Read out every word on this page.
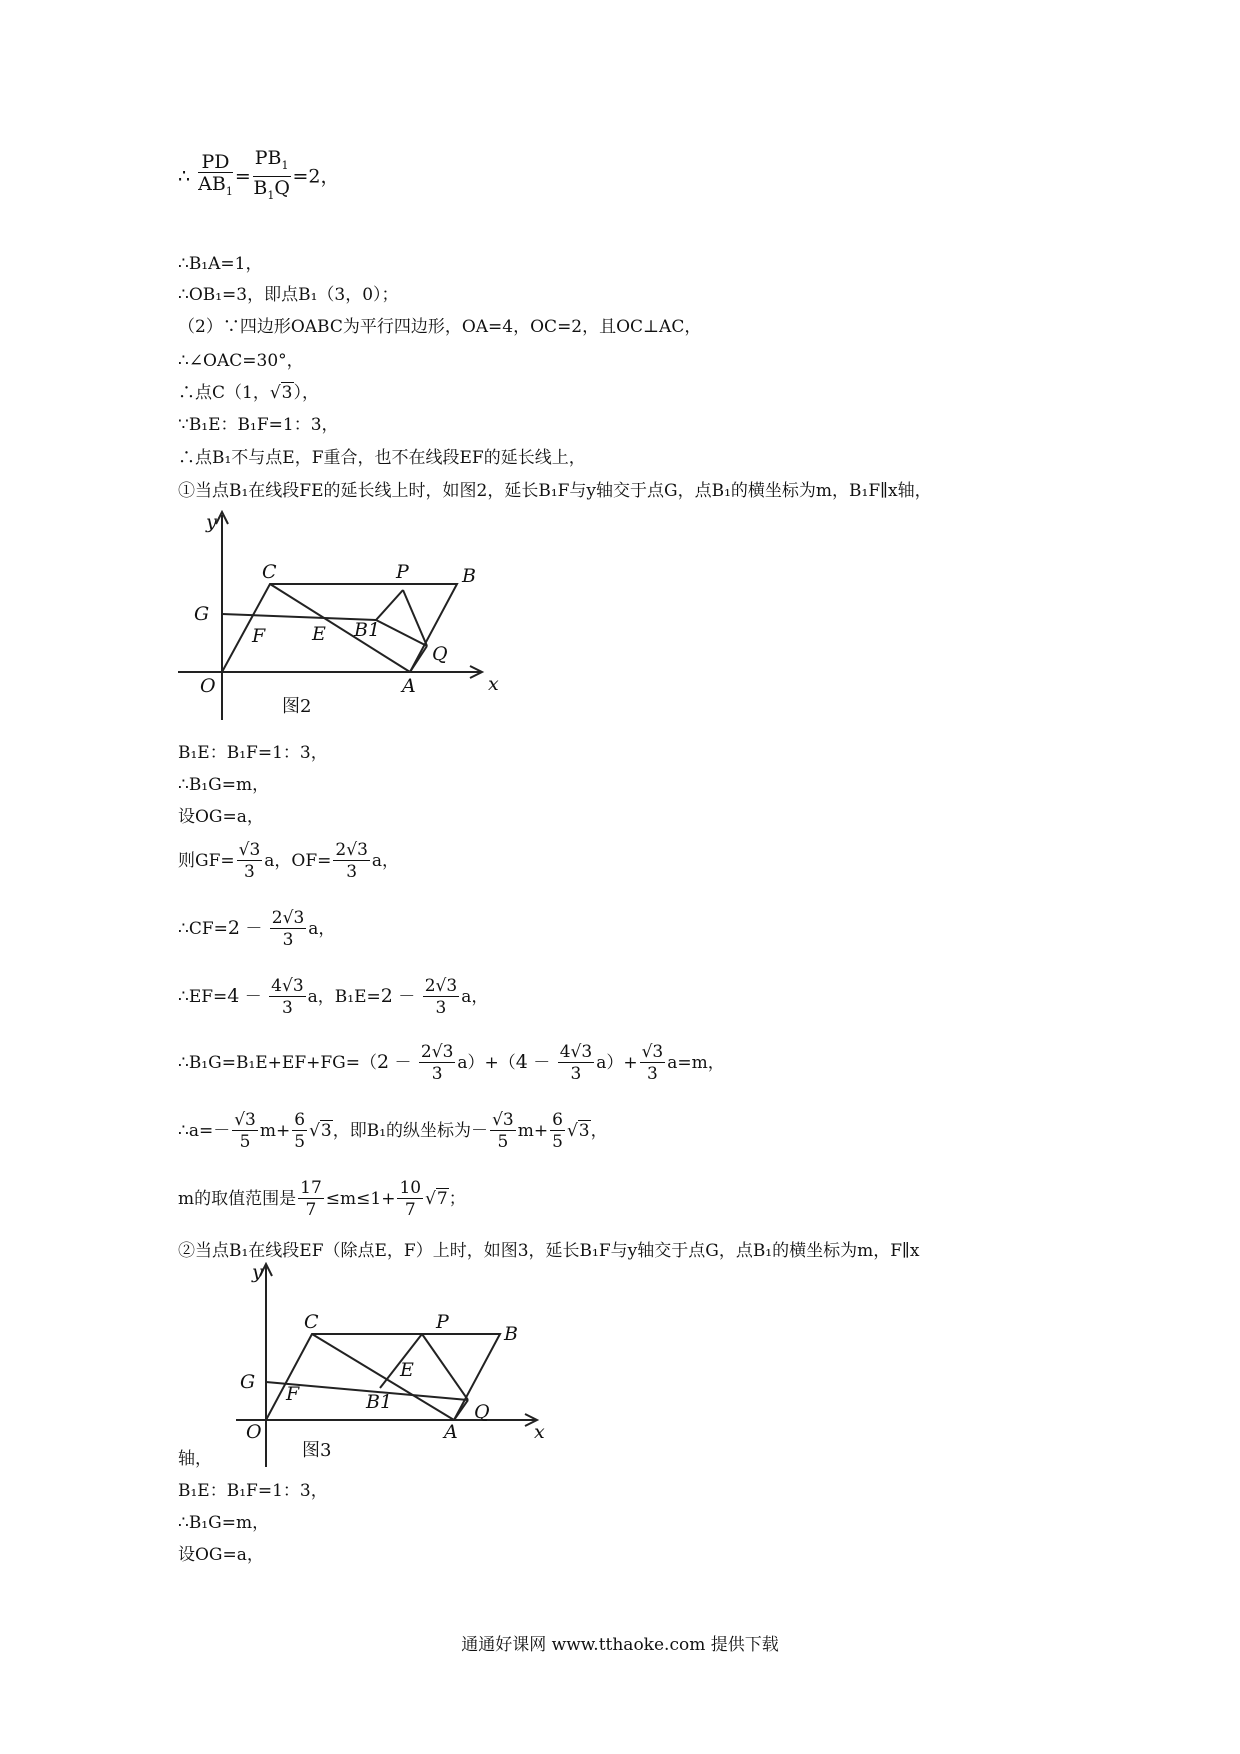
∴ $\frac{PD}{AB_1} = \frac{PB_1}{B_1Q} =2$，
∴B₁A=1，
∴OB₁=3，即点B₁（3，0）；
（2）∵四边形OABC为平行四边形，OA=4，OC=2，且OC⊥AC，
∴∠OAC=30°，
∴点C（1，√3），
∵B₁E：B₁F=1：3，
∴点B₁不与点E，F重合，也不在线段EF的延长线上，
①当点B₁在线段FE的延长线上时，如图2，延长B₁F与y轴交于点G，点B₁的横坐标为m，B₁F∥x轴，
y
x
O	A
B
C	P
G
F E B1
Q
图2
B₁E：B₁F=1：3，
∴B₁G=m，
设OG=a，
则$GF= \frac{√3}{3}$ a，$OF= \frac{2√3}{3}$ a，
∴CF=2 － $\frac{2√3}{3}$ a，
∴EF=4 － $\frac{4√3}{3}$ a，$B_1E=2 - \frac{2√3}{3}$ a，
∴B₁G=B₁E+EF+FG=（2 － $\frac{2√3}{3} a)+(4 - \frac{4√3}{3} a)+ \frac{√3}{3} a=m$，
∴a=－ $\frac{√3}{5} m+ \frac{6}{5} √3$，即B₁的纵坐标为－ $\frac{√3}{5} m+ \frac{6}{5} √3$，
m的取值范围是 $\frac{17}{7} \le m\le 1+ \frac{10}{7} √7$；
②当点B₁在线段EF（除点E，F）上时，如图3，延长B₁F与y轴交于点G，点B₁的横坐标为m，F∥x
y
x
O	A
B
C	P
G
F
E
B1	Q
图3
轴，
B₁E：B₁F=1：3，
∴B₁G=m，
设OG=a，
通通好课网 www.tthaoke.com 提供下载
